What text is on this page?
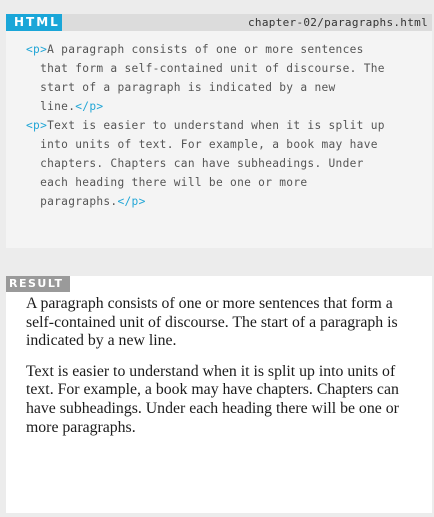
HTML	chapter-02/paragraphs.html
<p>A paragraph consists of one or more sentences
that form a self-contained unit of discourse. The
start of a paragraph is indicated by a new
line.</p>
<p>Text is easier to understand when it is split up
into units of text. For example, a book may have
chapters. Chapters can have subheadings. Under
each heading there will be one or more
paragraphs.</p>
RESULT

A paragraph consists of one or more sentences that form a self-contained unit of discourse. The start of a paragraph is indicated by a new line.

Text is easier to understand when it is split up into units of text. For example, a book may have chapters. Chapters can have subheadings. Under each heading there will be one or more paragraphs.
